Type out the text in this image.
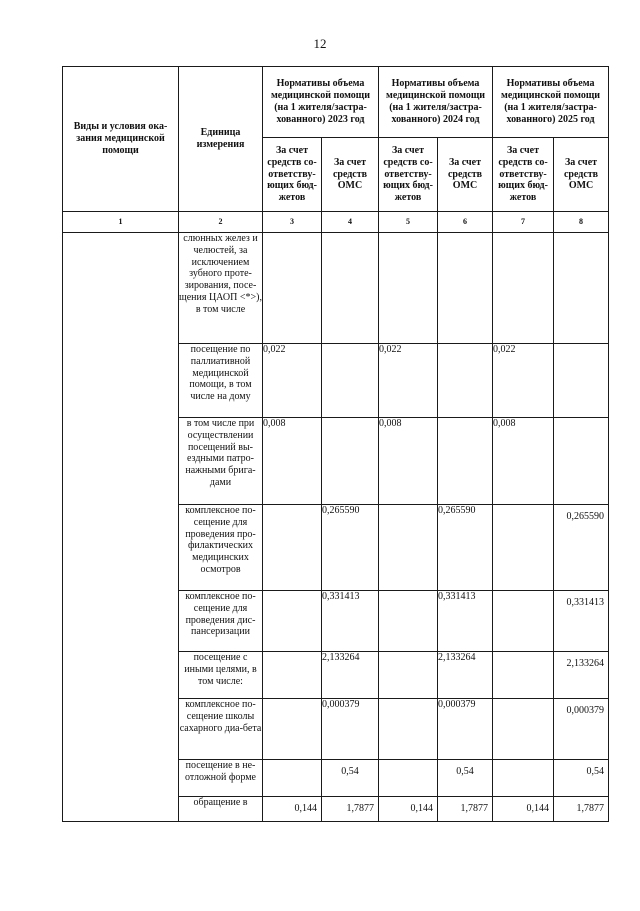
12
Виды и условия ока-зания медицинской помощи	Единица измерения	Нормативы объема медицинской помощи (на 1 жителя/застра-хованного) 2023 год		Нормативы объема медицинской помощи (на 1 жителя/застра-хованного) 2024 год		Нормативы объема медицинской помощи (на 1 жителя/застра-хованного) 2025 год	
		За счет средств со-ответству-ющих бюд-жетов	За счет средств ОМС	За счет средств со-ответству-ющих бюд-жетов	За счет средств ОМС	За счет средств со-ответству-ющих бюд-жетов	За счет средств ОМС
1	2	3	4	5	6	7	8
	слюнных желез и челюстей, за исключением зубного проте-зирования, посе-щения ЦАОП <*>), в том числе						
	посещение по паллиативной медицинской помощи, в том числе на дому	0,022		0,022		0,022	
	в том числе при осуществлении посещений вы-ездными патро-нажными брига-дами	0,008		0,008		0,008	
	комплексное по-сещение для проведения про-филактических медицинских осмотров		0,265590		0,265590		0,265590
	комплексное по-сещение для проведения дис-пансеризации		0,331413		0,331413		0,331413
	посещение с иными целями, в том числе:		2,133264		2,133264		2,133264
	комплексное по-сещение школы сахарного диа-бета		0,000379		0,000379		0,000379
	посещение в не-отложной форме		0,54		0,54		0,54
	обращение в	0,144	1,7877	0,144	1,7877	0,144	1,7877
